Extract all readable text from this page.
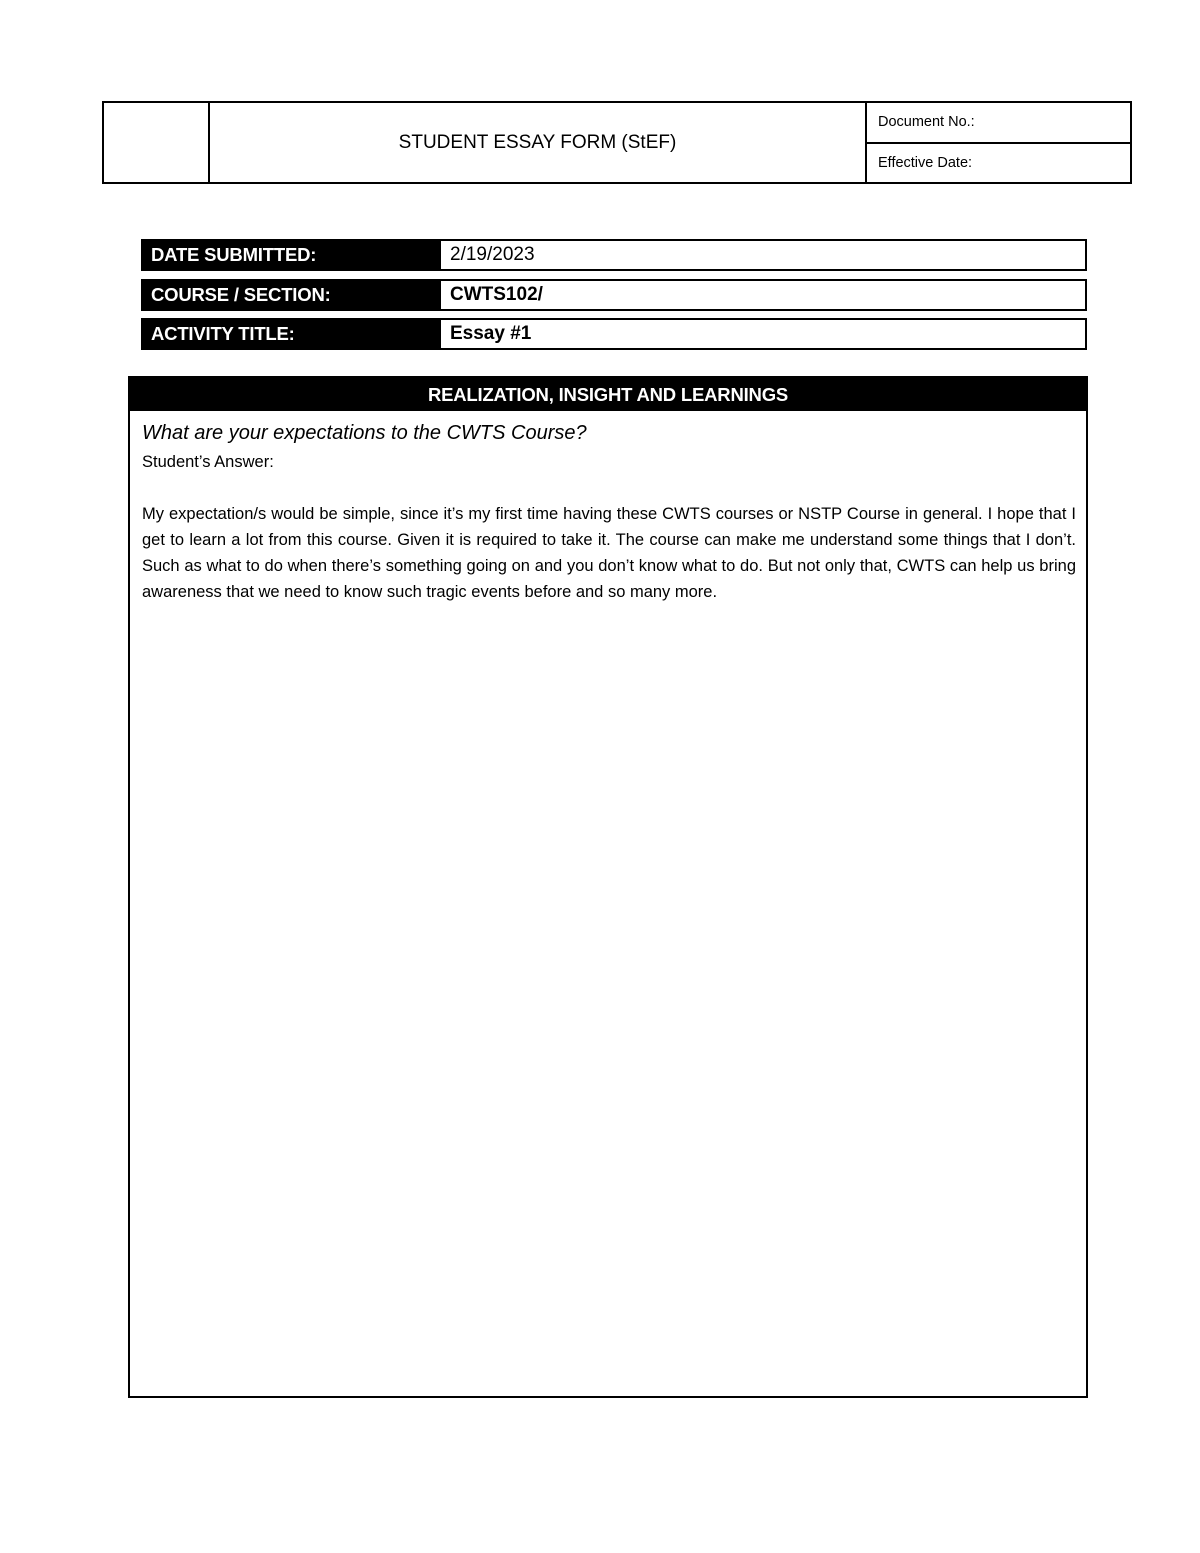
STUDENT ESSAY FORM (StEF)
Document No.:
Effective Date:
DATE SUBMITTED:	2/19/2023
COURSE / SECTION:	CWTS102/
ACTIVITY TITLE:	Essay #1
REALIZATION, INSIGHT AND LEARNINGS
What are your expectations to the CWTS Course?
Student’s Answer:
My expectation/s would be simple, since it’s my first time having these CWTS courses or NSTP Course in general. I hope that I get to learn a lot from this course. Given it is required to take it. The course can make me understand some things that I don’t. Such as what to do when there’s something going on and you don’t know what to do. But not only that, CWTS can help us bring awareness that we need to know such tragic events before and so many more.
